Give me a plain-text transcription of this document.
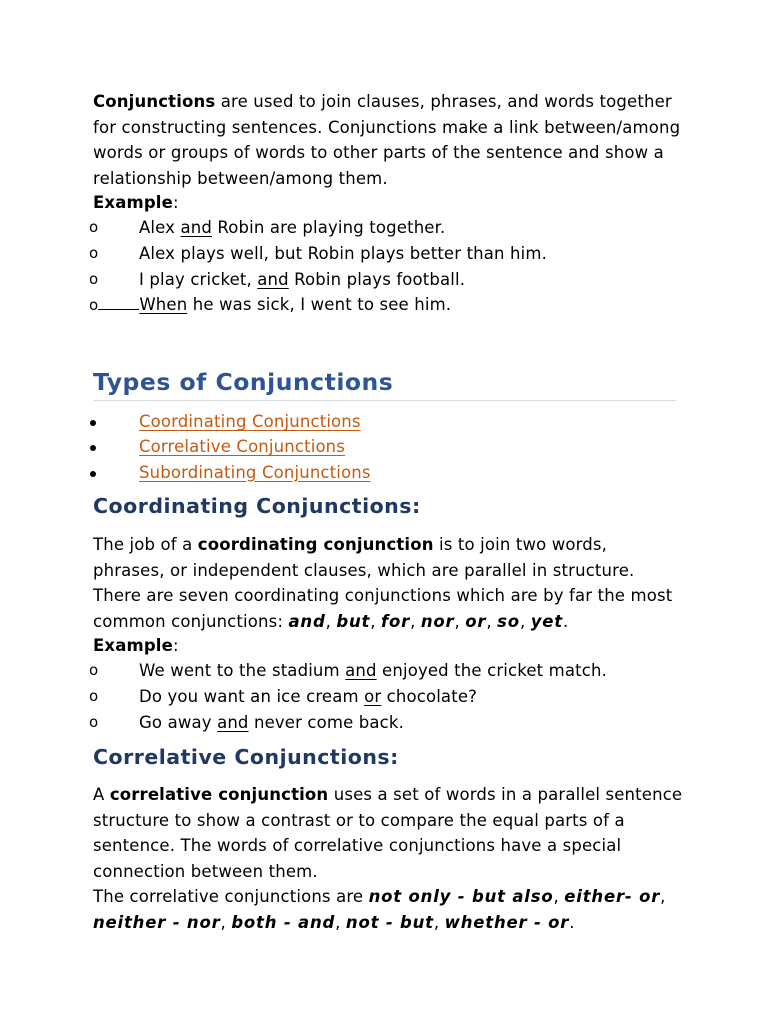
Conjunctions are used to join clauses, phrases, and words together for constructing sentences. Conjunctions make a link between/among words or groups of words to other parts of the sentence and show a relationship between/among them.

Example:

o Alex and Robin are playing together.
o Alex plays well, but Robin plays better than him.
o I play cricket, and Robin plays football.
o When he was sick, I went to see him.
Types of Conjunctions
Coordinating Conjunctions
Correlative Conjunctions
Subordinating Conjunctions
Coordinating Conjunctions:

The job of a coordinating conjunction is to join two words, phrases, or independent clauses, which are parallel in structure. There are seven coordinating conjunctions which are by far the most common conjunctions: and, but, for, nor, or, so, yet.

Example:

o We went to the stadium and enjoyed the cricket match.
o Do you want an ice cream or chocolate?
o Go away and never come back.
Correlative Conjunctions:

A correlative conjunction uses a set of words in a parallel sentence structure to show a contrast or to compare the equal parts of a sentence. The words of correlative conjunctions have a special connection between them.

The correlative conjunctions are not only - but also, either- or, neither - nor, both - and, not - but, whether - or.
